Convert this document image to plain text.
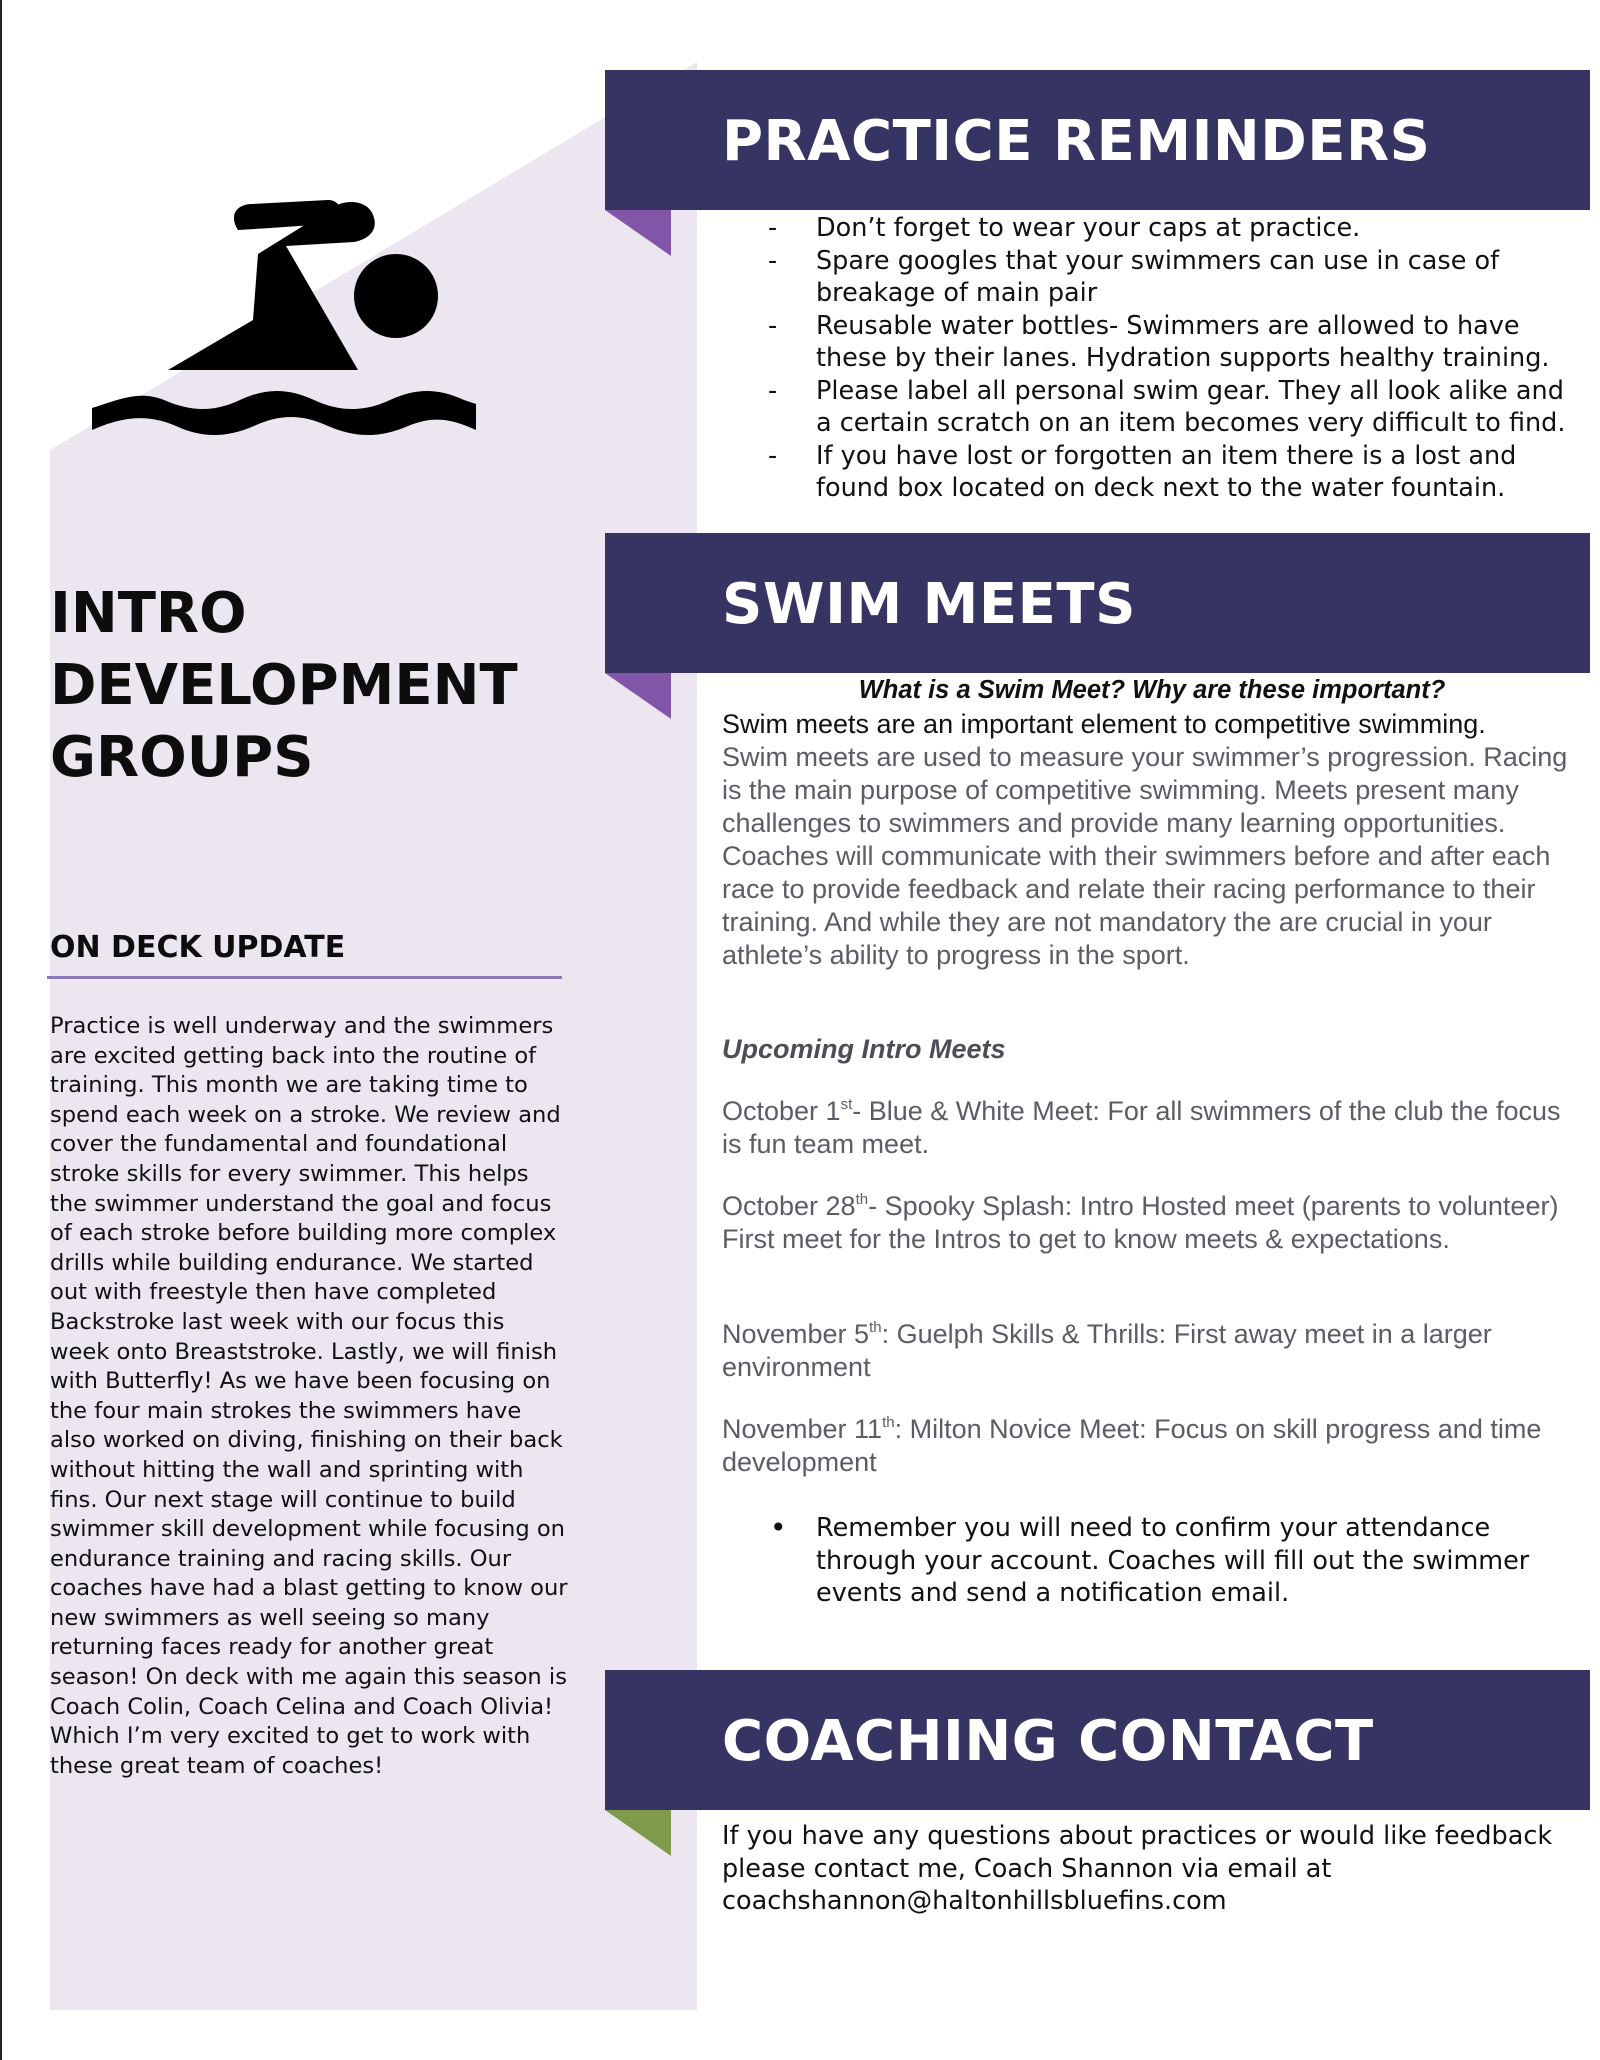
INTRO
DEVELOPMENT
GROUPS
ON DECK UPDATE

Practice is well underway and the swimmers are excited getting back into the routine of training. This month we are taking time to spend each week on a stroke. We review and cover the fundamental and foundational stroke skills for every swimmer. This helps the swimmer understand the goal and focus of each stroke before building more complex drills while building endurance. We started out with freestyle then have completed Backstroke last week with our focus this week onto Breaststroke. Lastly, we will finish with Butterfly! As we have been focusing on the four main strokes the swimmers have also worked on diving, finishing on their back without hitting the wall and sprinting with fins. Our next stage will continue to build swimmer skill development while focusing on endurance training and racing skills. Our coaches have had a blast getting to know our new swimmers as well seeing so many returning faces ready for another great season! On deck with me again this season is Coach Colin, Coach Celina and Coach Olivia! Which I’m very excited to get to work with these great team of coaches!

PRACTICE REMINDERS
- Don’t forget to wear your caps at practice.
- Spare googles that your swimmers can use in case of breakage of main pair
- Reusable water bottles- Swimmers are allowed to have these by their lanes. Hydration supports healthy training.
- Please label all personal swim gear. They all look alike and a certain scratch on an item becomes very difficult to find.
- If you have lost or forgotten an item there is a lost and found box located on deck next to the water fountain.
SWIM MEETS
What is a Swim Meet? Why are these important?
Swim meets are an important element to competitive swimming.

Swim meets are used to measure your swimmer’s progression. Racing is the main purpose of competitive swimming. Meets present many challenges to swimmers and provide many learning opportunities. Coaches will communicate with their swimmers before and after each race to provide feedback and relate their racing performance to their training. And while they are not mandatory the are crucial in your athlete’s ability to progress in the sport.

Upcoming Intro Meets

October 1st- Blue & White Meet: For all swimmers of the club the focus is fun team meet.

October 28th- Spooky Splash: Intro Hosted meet (parents to volunteer) First meet for the Intros to get to know meets & expectations.

November 5th: Guelph Skills & Thrills: First away meet in a larger environment

November 11th: Milton Novice Meet: Focus on skill progress and time development

• Remember you will need to confirm your attendance through your account. Coaches will fill out the swimmer events and send a notification email.
COACHING CONTACT

If you have any questions about practices or would like feedback please contact me, Coach Shannon via email at
coachshannon@haltonhillsbluefins.com
